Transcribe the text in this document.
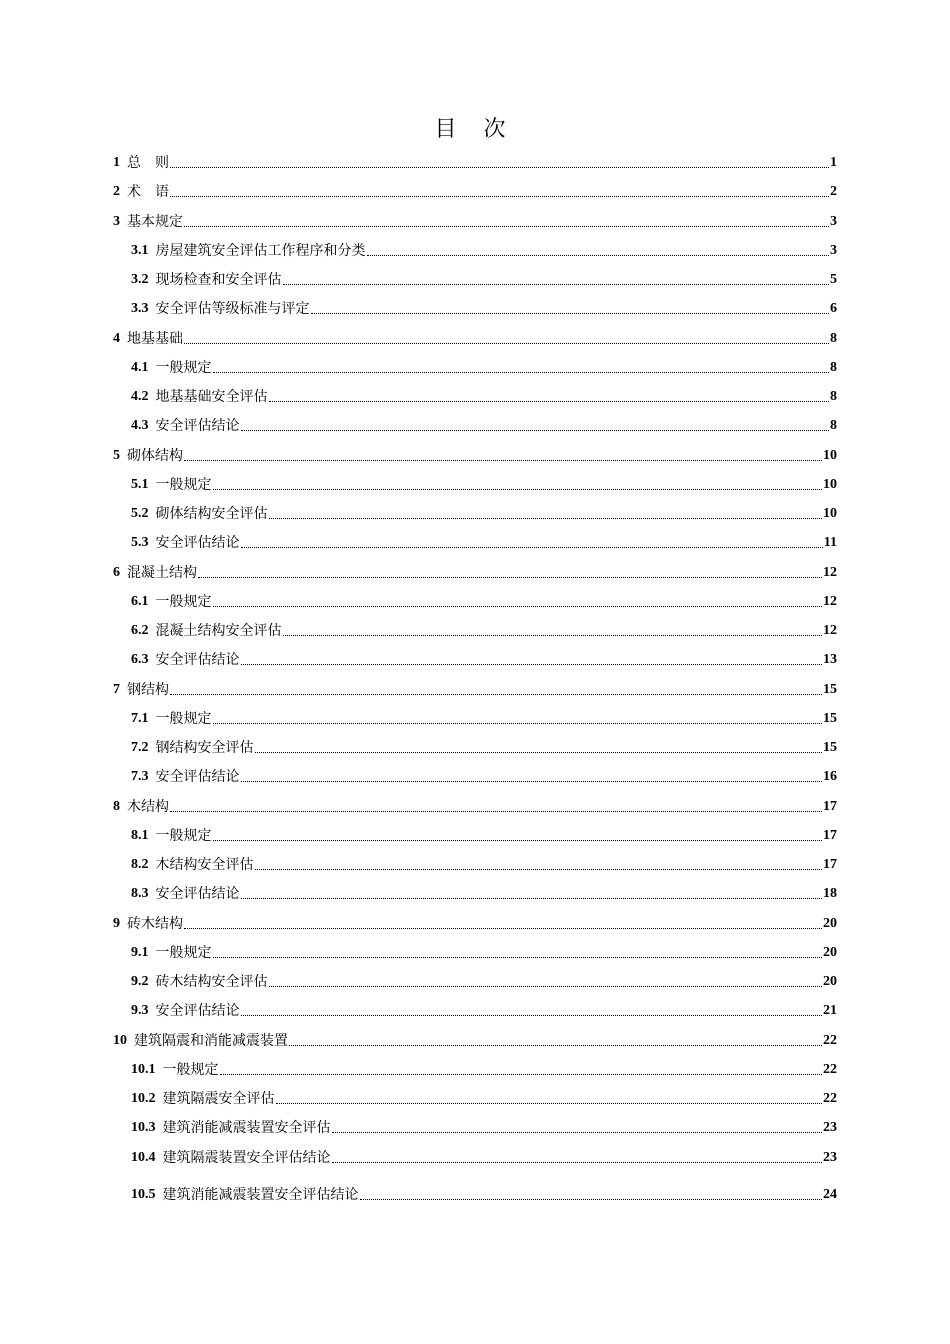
目 次
1 总　则	1
2 术　语	2
3 基本规定	3
3.1 房屋建筑安全评估工作程序和分类	3
3.2 现场检查和安全评估	5
3.3 安全评估等级标准与评定	6
4 地基基础	8
4.1 一般规定	8
4.2 地基基础安全评估	8
4.3 安全评估结论	8
5 砌体结构	10
5.1 一般规定	10
5.2 砌体结构安全评估	10
5.3 安全评估结论	11
6 混凝土结构	12
6.1 一般规定	12
6.2 混凝土结构安全评估	12
6.3 安全评估结论	13
7 钢结构	15
7.1 一般规定	15
7.2 钢结构安全评估	15
7.3 安全评估结论	16
8 木结构	17
8.1 一般规定	17
8.2 木结构安全评估	17
8.3 安全评估结论	18
9 砖木结构	20
9.1 一般规定	20
9.2 砖木结构安全评估	20
9.3 安全评估结论	21
10 建筑隔震和消能减震装置	22
10.1 一般规定	22
10.2 建筑隔震安全评估	22
10.3 建筑消能减震装置安全评估	23
10.4 建筑隔震装置安全评估结论	23
10.5 建筑消能减震装置安全评估结论	24
